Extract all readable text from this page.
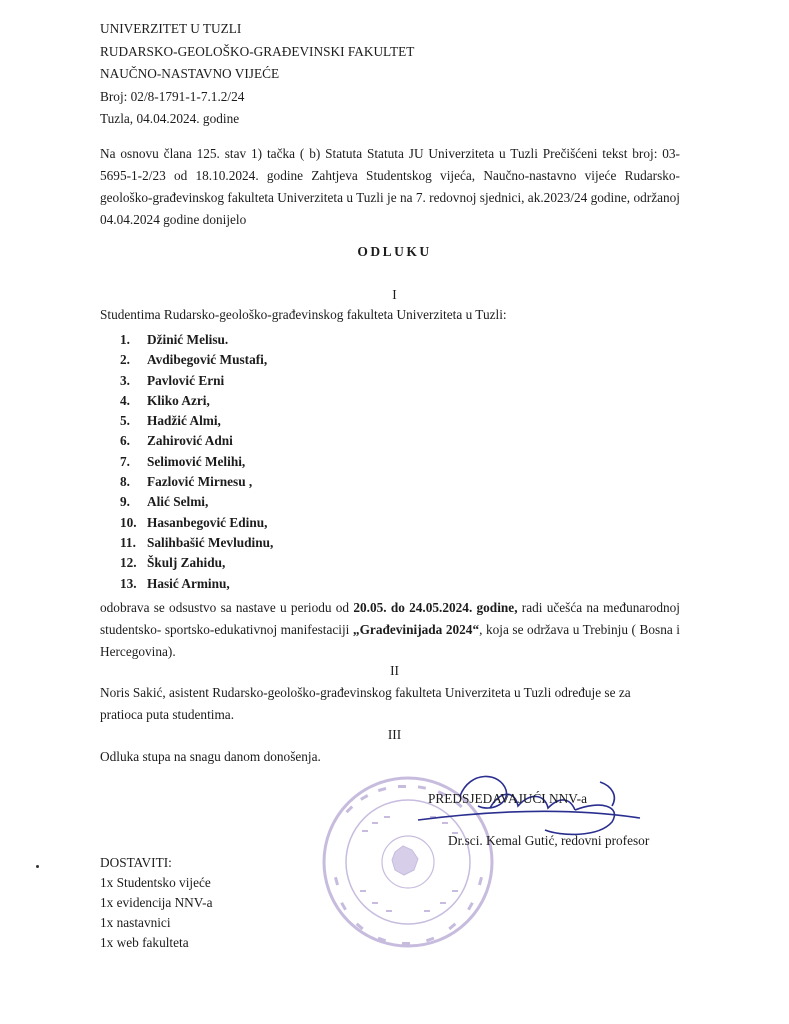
UNIVERZITET U TUZLI
RUDARSKO-GEOLOŠKO-GRAĐEVINSKI FAKULTET
NAUČNO-NASTAVNO VIJEĆE
Broj: 02/8-1791-1-7.1.2/24
Tuzla, 04.04.2024. godine
Na osnovu člana 125. stav 1) tačka ( b) Statuta Statuta JU Univerziteta u Tuzli Prečišćeni tekst broj: 03-5695-1-2/23 od 18.10.2024. godine Zahtjeva Studentskog vijeća, Naučno-nastavno vijeće Rudarsko-geološko-građevinskog fakulteta Univerziteta u Tuzli je na 7. redovnoj sjednici, ak.2023/24 godine, održanoj 04.04.2024 godine donijelo
ODLUKU
I
Studentima Rudarsko-geološko-građevinskog fakulteta Univerziteta u Tuzli:
1. Džinić Melisu.
2. Avdibegović Mustafi,
3. Pavlović Erni
4. Kliko Azri,
5. Hadžić Almi,
6. Zahirović Adni
7. Selimović Melihi,
8. Fazlović Mirnesu ,
9. Alić Selmi,
10. Hasanbegović Edinu,
11. Salihbašić Mevludinu,
12. Škulj Zahidu,
13. Hasić Arminu,
odobrava se odsustvo sa nastave u periodu od 20.05. do 24.05.2024. godine, radi učešća na međunarodnoj studentsko- sportsko-edukativnoj manifestaciji „Građevinijada 2024“, koja se održava u Trebinju ( Bosna i Hercegovina).
II
Noris Sakić, asistent Rudarsko-geološko-građevinskog fakulteta Univerziteta u Tuzli određuje se za
pratioca puta studentima.
III
Odluka stupa na snagu danom donošenja.
PREDSJEDAVAJUĆI NNV-a
Dr.sci. Kemal Gutić, redovni profesor
DOSTAVITI:
1x Studentsko vijeće
1x evidencija NNV-a
1x nastavnici
1x web fakulteta
